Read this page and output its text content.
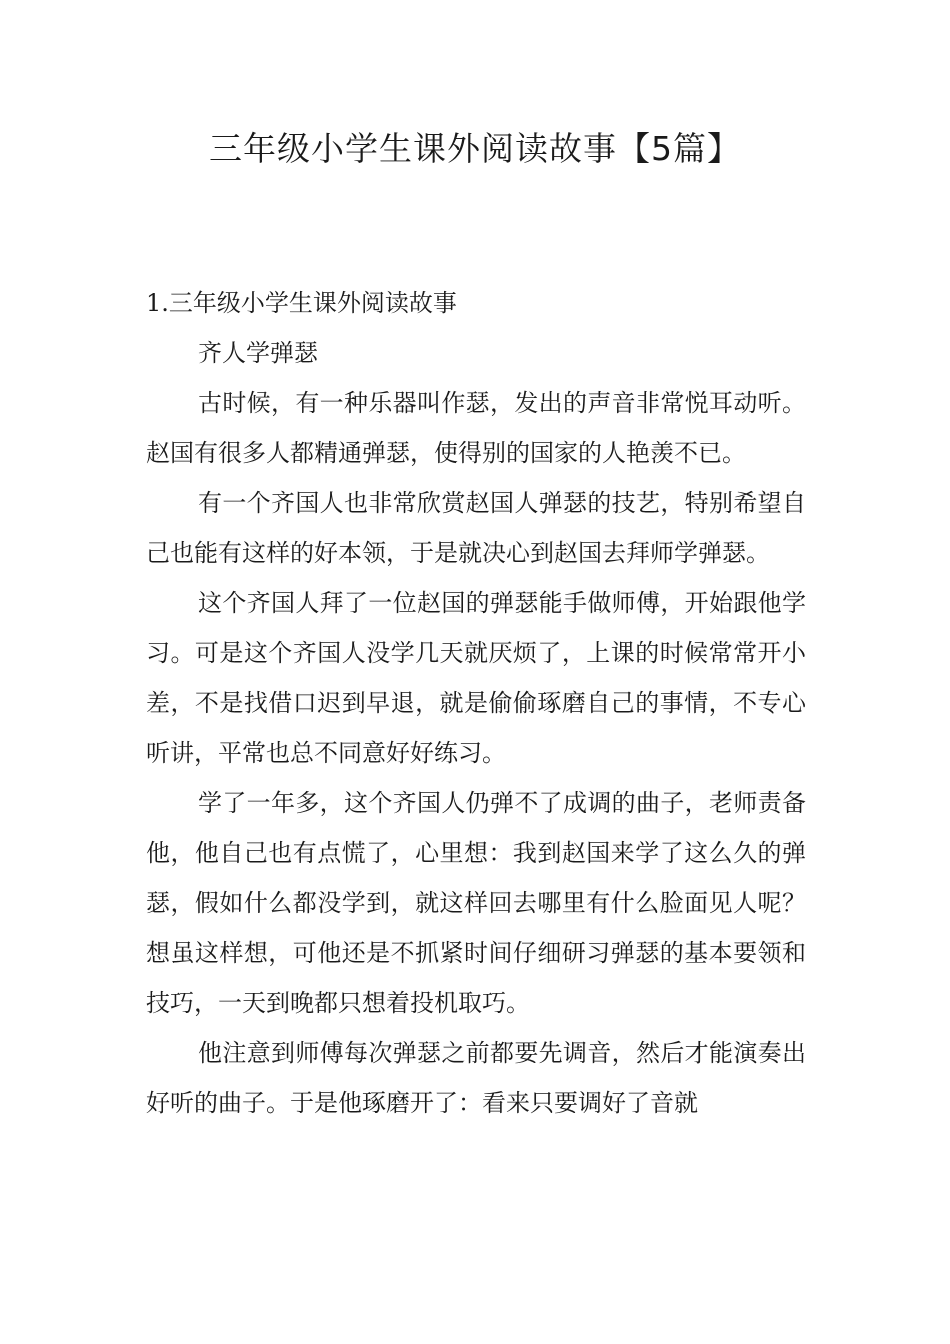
三年级小学生课外阅读故事【5篇】

1.三年级小学生课外阅读故事

齐人学弹瑟

古时候，有一种乐器叫作瑟，发出的声音非常悦耳动听。赵国有很多人都精通弹瑟，使得别的国家的人艳羡不已。

有一个齐国人也非常欣赏赵国人弹瑟的技艺，特别希望自己也能有这样的好本领，于是就决心到赵国去拜师学弹瑟。

这个齐国人拜了一位赵国的弹瑟能手做师傅，开始跟他学习。可是这个齐国人没学几天就厌烦了，上课的时候常常开小差，不是找借口迟到早退，就是偷偷琢磨自己的事情，不专心听讲，平常也总不同意好好练习。

学了一年多，这个齐国人仍弹不了成调的曲子，老师责备他，他自己也有点慌了，心里想：我到赵国来学了这么久的弹瑟，假如什么都没学到，就这样回去哪里有什么脸面见人呢？想虽这样想，可他还是不抓紧时间仔细研习弹瑟的基本要领和技巧，一天到晚都只想着投机取巧。

他注意到师傅每次弹瑟之前都要先调音，然后才能演奏出好听的曲子。于是他琢磨开了：看来只要调好了音就
